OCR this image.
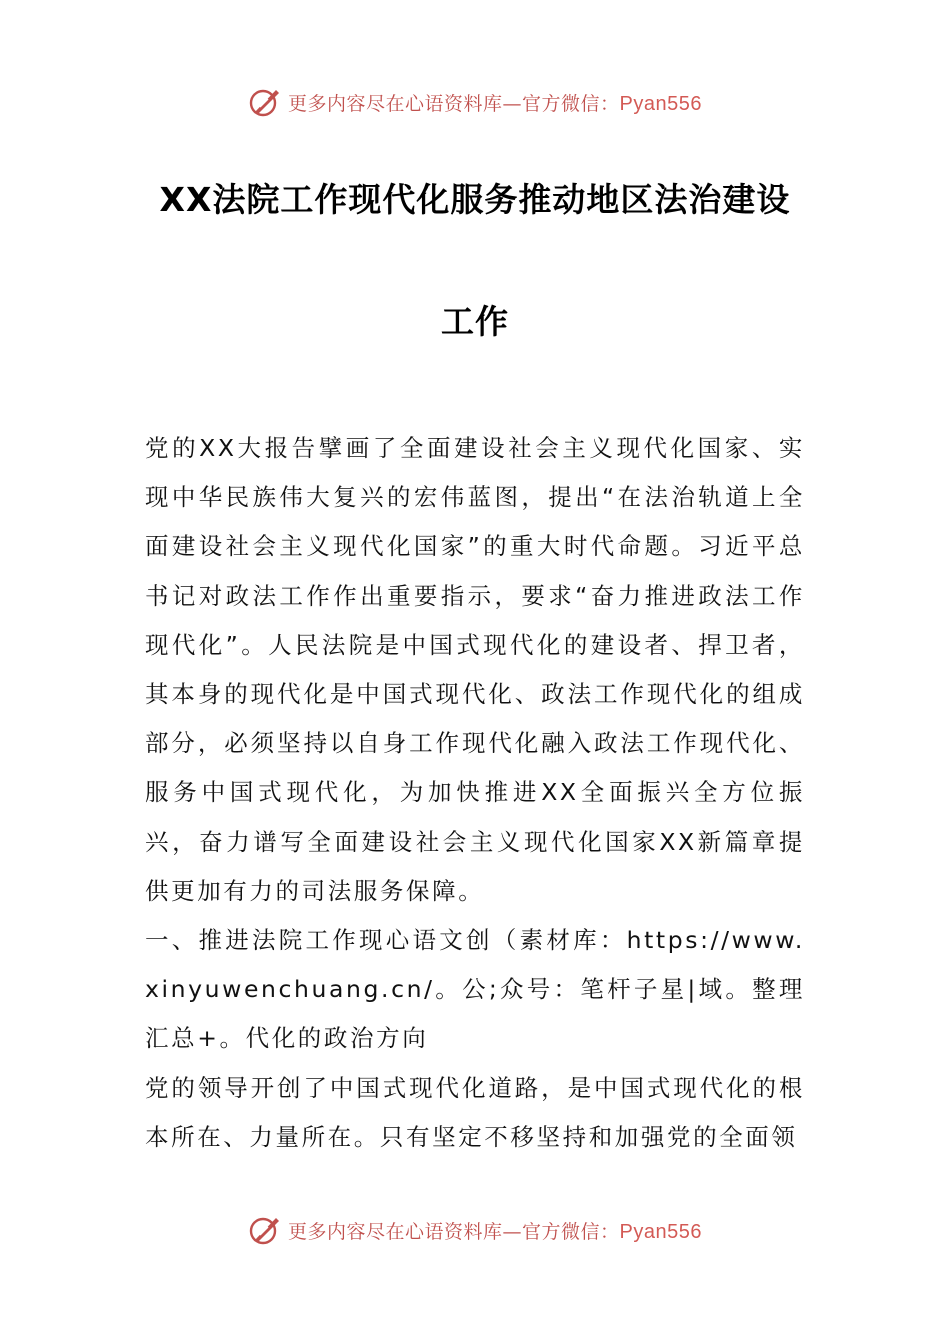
更多内容尽在心语资料库—官方微信：Pyan556
XX法院工作现代化服务推动地区法治建设
工作

党的XX大报告擘画了全面建设社会主义现代化国家、实现中华民族伟大复兴的宏伟蓝图，提出“在法治轨道上全面建设社会主义现代化国家”的重大时代命题。习近平总书记对政法工作作出重要指示，要求“奋力推进政法工作现代化”。人民法院是中国式现代化的建设者、捍卫者，其本身的现代化是中国式现代化、政法工作现代化的组成部分，必须坚持以自身工作现代化融入政法工作现代化、服务中国式现代化，为加快推进XX全面振兴全方位振兴，奋力谱写全面建设社会主义现代化国家XX新篇章提供更加有力的司法服务保障。

一、推进法院工作现心语文创（素材库：https://www.xinyuwenchuang.cn/。公;众号：笔杆子星|域。整理汇总+。代化的政治方向

党的领导开创了中国式现代化道路，是中国式现代化的根本所在、力量所在。只有坚定不移坚持和加强党的全面领

更多内容尽在心语资料库—官方微信：Pyan556
